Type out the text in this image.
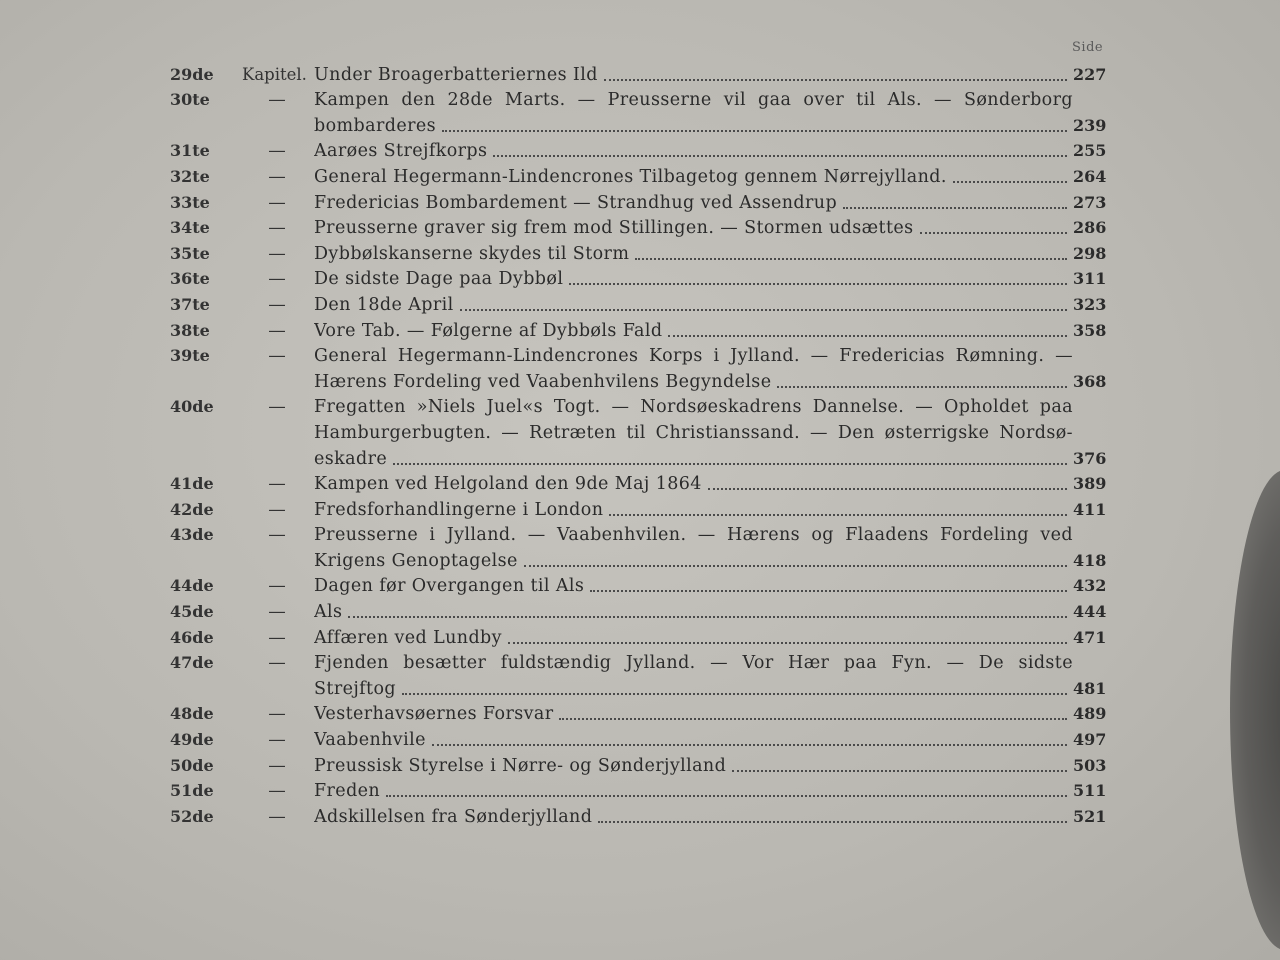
Side
29de	Kapitel. Under Broagerbatteriernes Ild	227
30te	—	Kampen den 28de Marts. — Preusserne vil gaa over til Als. — Sønderborg
bombarderes	239
31te	—	Aarøes Strejfkorps	255
32te	—	General Hegermann-Lindencrones Tilbagetog gennem Nørrejylland.	264
33te	—	Fredericias Bombardement — Strandhug ved Assendrup	273
34te	—	Preusserne graver sig frem mod Stillingen. — Stormen udsættes	286
35te	—	Dybbølskanserne skydes til Storm	298
36te	—	De sidste Dage paa Dybbøl	311
37te	—	Den 18de April	323
38te	—	Vore Tab. — Følgerne af Dybbøls Fald	358
39te	—	General Hegermann-Lindencrones Korps i Jylland. — Fredericias Rømning. —
Hærens Fordeling ved Vaabenhvilens Begyndelse	368
40de	—	Fregatten »Niels Juel«s Togt. — Nordsøeskadrens Dannelse. — Opholdet paa
Hamburgerbugten. — Retræten til Christianssand. — Den østerrigske Nordsø-
eskadre	376
41de	—	Kampen ved Helgoland den 9de Maj 1864	389
42de	—	Fredsforhandlingerne i London	411
43de	—	Preusserne i Jylland. — Vaabenhvilen. — Hærens og Flaadens Fordeling ved
Krigens Genoptagelse	418
44de	—	Dagen før Overgangen til Als	432
45de	—	Als	444
46de	—	Affæren ved Lundby	471
47de	—	Fjenden besætter fuldstændig Jylland. — Vor Hær paa Fyn. — De sidste
Strejftog	481
48de	—	Vesterhavsøernes Forsvar	489
49de	—	Vaabenhvile	497
50de	—	Preussisk Styrelse i Nørre- og Sønderjylland	503
51de	—	Freden	511
52de	—	Adskillelsen fra Sønderjylland	521
